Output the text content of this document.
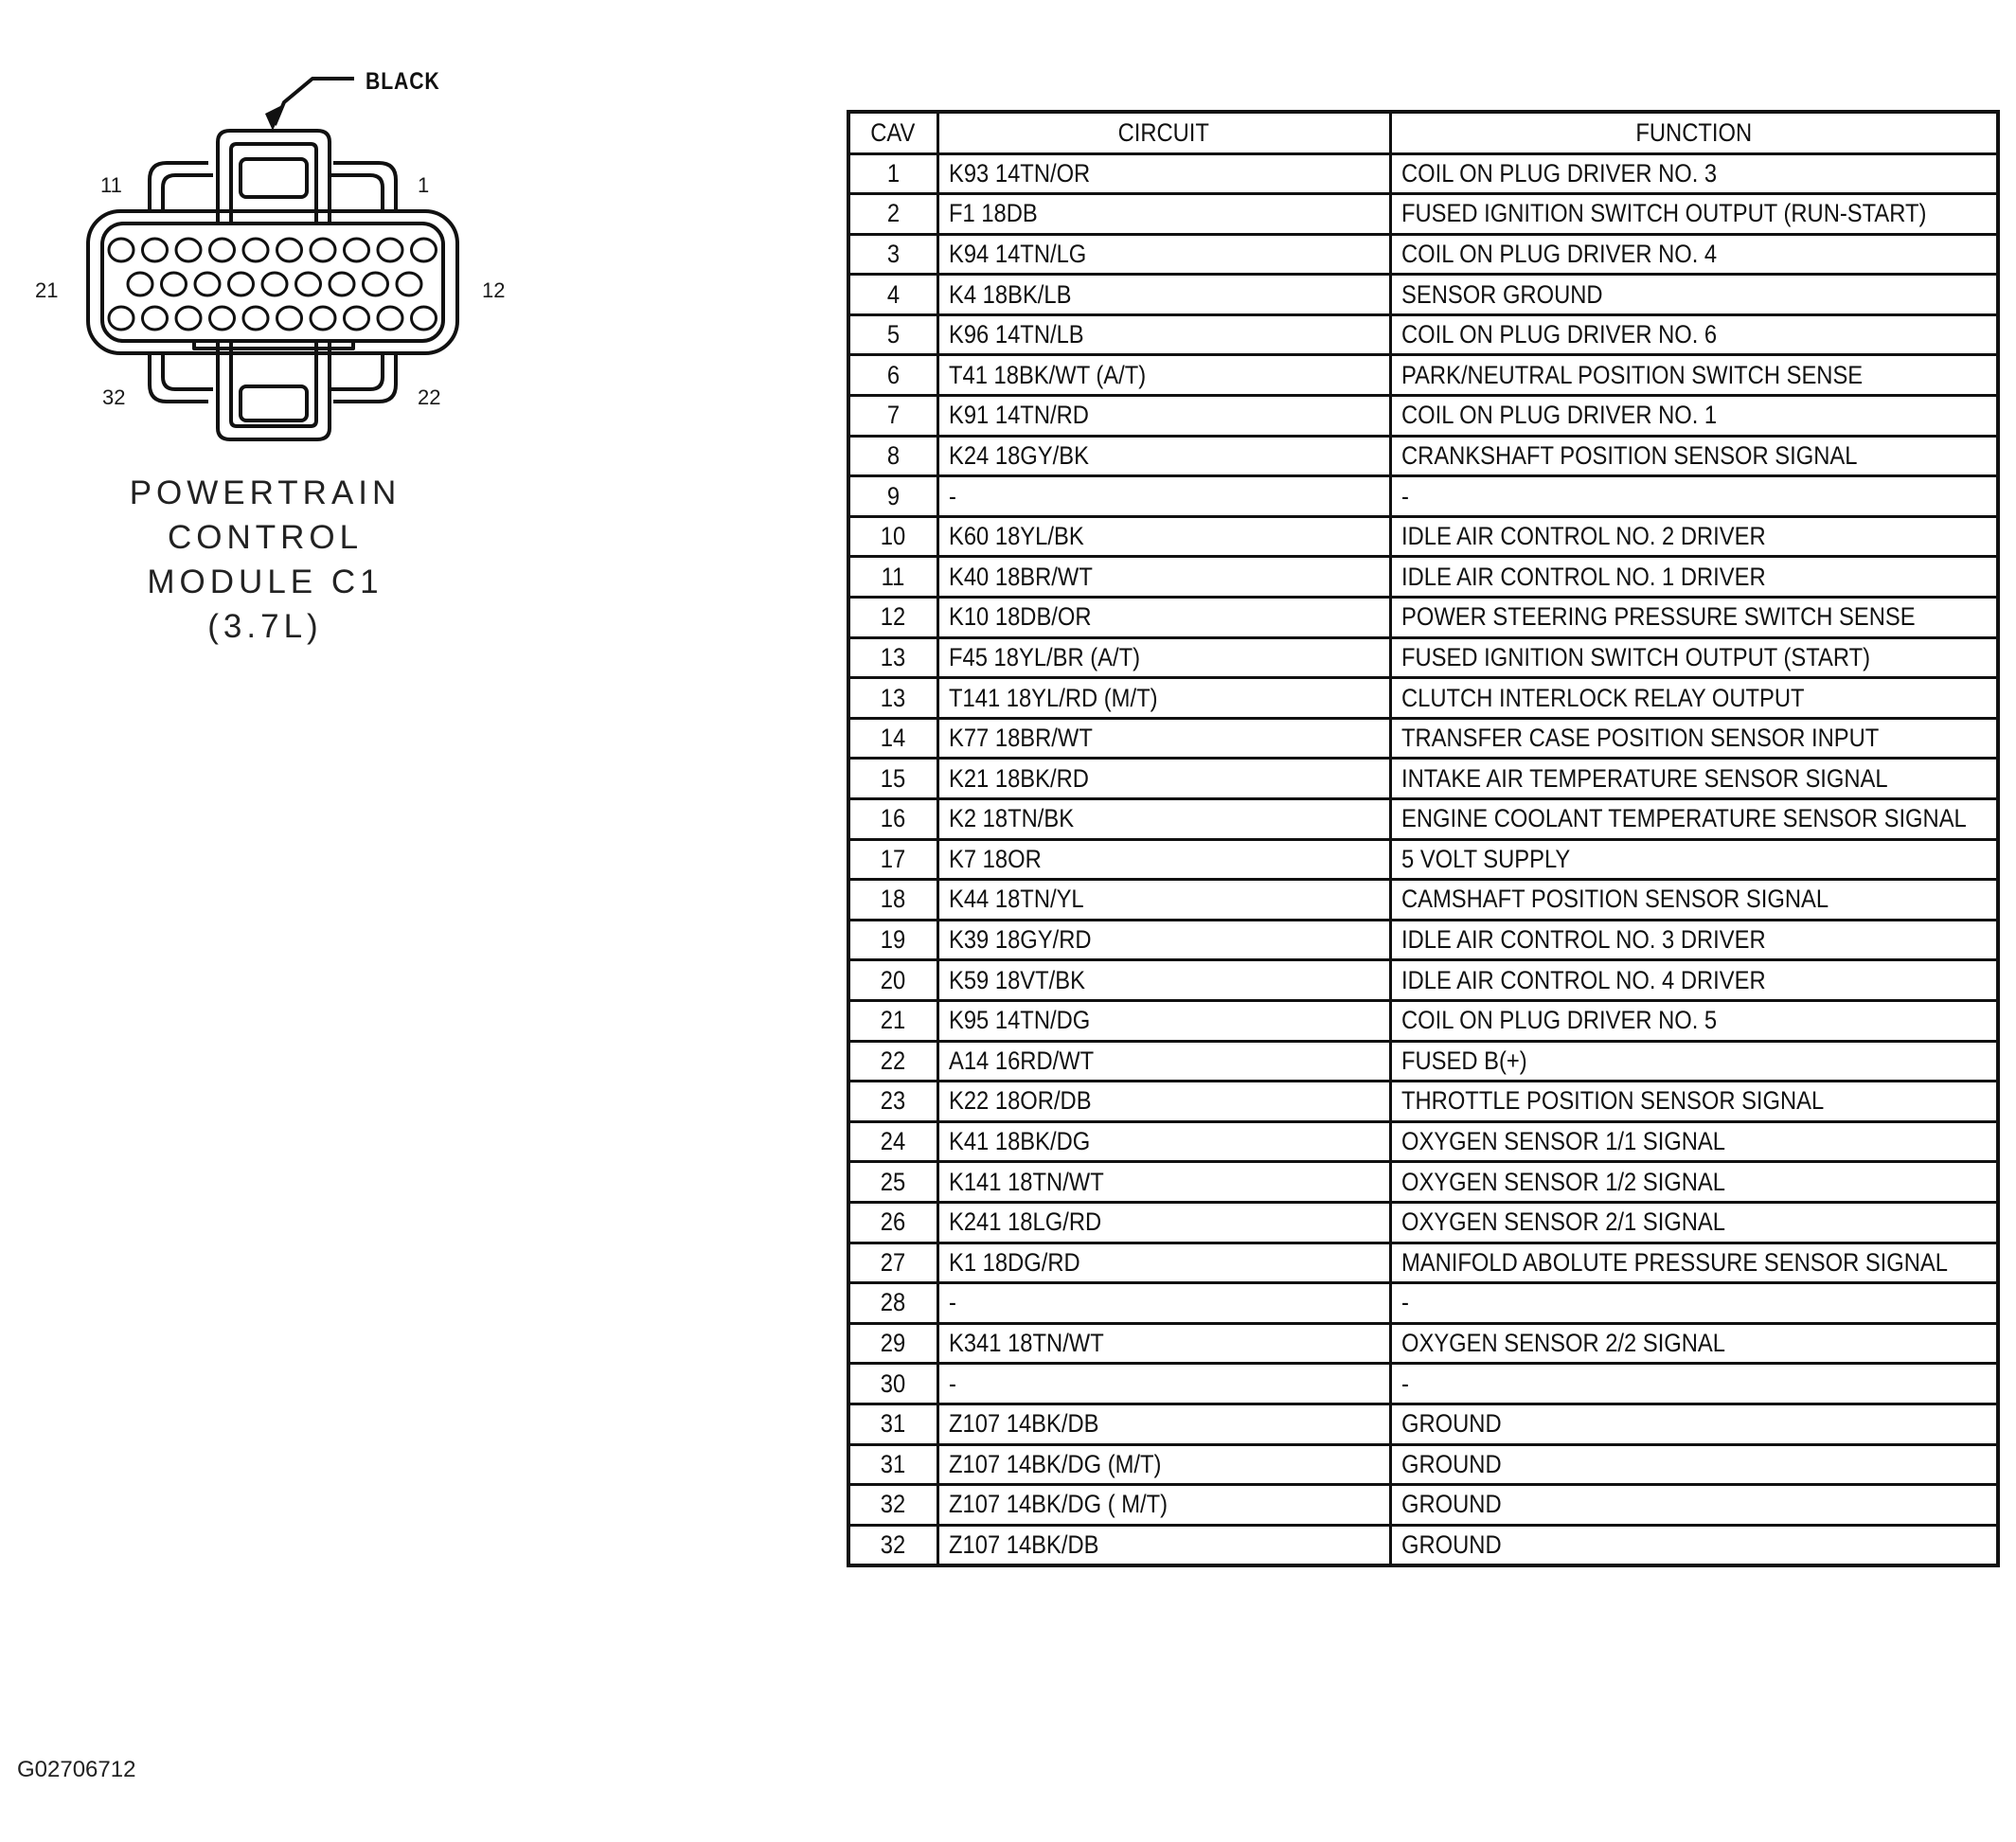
BLACK
11	1
21	12
32	22
POWERTRAIN
CONTROL
MODULE C1
(3.7L)
CAV	CIRCUIT	FUNCTION
1	K93 14TN/OR	COIL ON PLUG DRIVER NO. 3
2	F1 18DB	FUSED IGNITION SWITCH OUTPUT (RUN-START)
3	K94 14TN/LG	COIL ON PLUG DRIVER NO. 4
4	K4 18BK/LB	SENSOR GROUND
5	K96 14TN/LB	COIL ON PLUG DRIVER NO. 6
6	T41 18BK/WT (A/T)	PARK/NEUTRAL POSITION SWITCH SENSE
7	K91 14TN/RD	COIL ON PLUG DRIVER NO. 1
8	K24 18GY/BK	CRANKSHAFT POSITION SENSOR SIGNAL
9	-	-
10	K60 18YL/BK	IDLE AIR CONTROL NO. 2 DRIVER
11	K40 18BR/WT	IDLE AIR CONTROL NO. 1 DRIVER
12	K10 18DB/OR	POWER STEERING PRESSURE SWITCH SENSE
13	F45 18YL/BR (A/T)	FUSED IGNITION SWITCH OUTPUT (START)
13	T141 18YL/RD (M/T)	CLUTCH INTERLOCK RELAY OUTPUT
14	K77 18BR/WT	TRANSFER CASE POSITION SENSOR INPUT
15	K21 18BK/RD	INTAKE AIR TEMPERATURE SENSOR SIGNAL
16	K2 18TN/BK	ENGINE COOLANT TEMPERATURE SENSOR SIGNAL
17	K7 18OR	5 VOLT SUPPLY
18	K44 18TN/YL	CAMSHAFT POSITION SENSOR SIGNAL
19	K39 18GY/RD	IDLE AIR CONTROL NO. 3 DRIVER
20	K59 18VT/BK	IDLE AIR CONTROL NO. 4 DRIVER
21	K95 14TN/DG	COIL ON PLUG DRIVER NO. 5
22	A14 16RD/WT	FUSED B(+)
23	K22 18OR/DB	THROTTLE POSITION SENSOR SIGNAL
24	K41 18BK/DG	OXYGEN SENSOR 1/1 SIGNAL
25	K141 18TN/WT	OXYGEN SENSOR 1/2 SIGNAL
26	K241 18LG/RD	OXYGEN SENSOR 2/1 SIGNAL
27	K1 18DG/RD	MANIFOLD ABOLUTE PRESSURE SENSOR SIGNAL
28	-	-
29	K341 18TN/WT	OXYGEN SENSOR 2/2 SIGNAL
30	-	-
31	Z107 14BK/DB	GROUND
31	Z107 14BK/DG (M/T)	GROUND
32	Z107 14BK/DG ( M/T)	GROUND
32	Z107 14BK/DB	GROUND
G02706712
